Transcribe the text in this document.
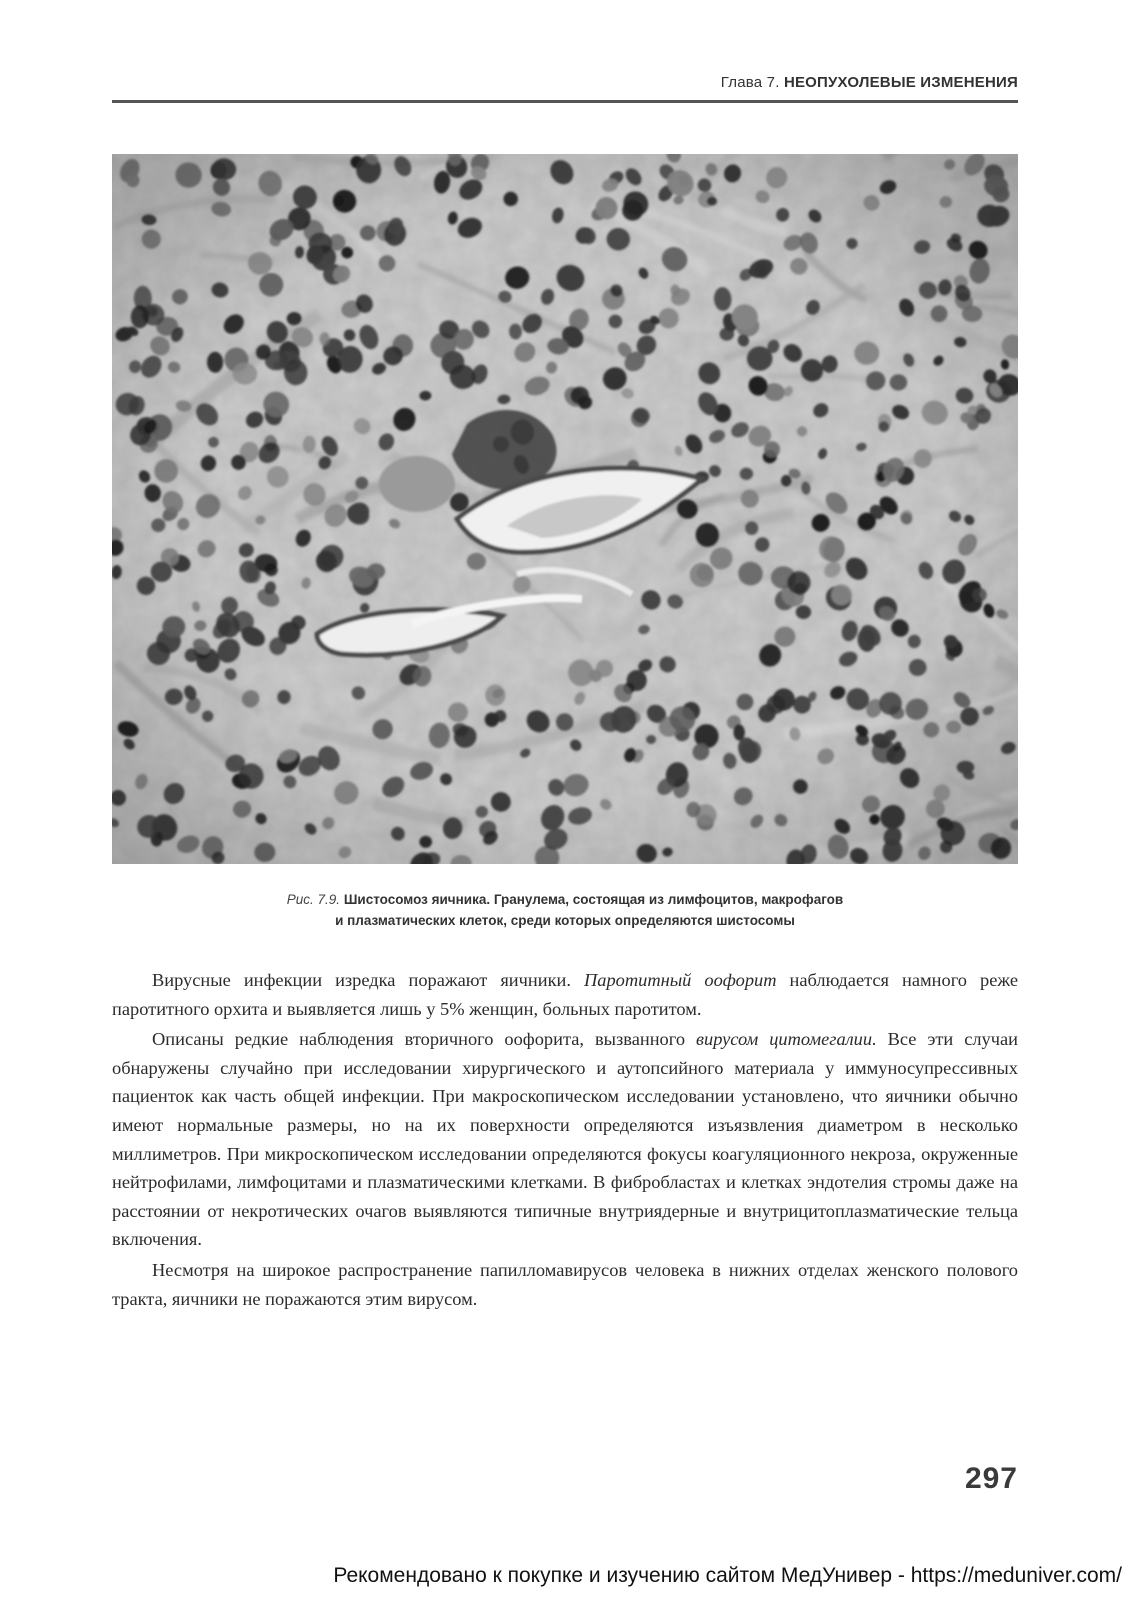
Глава 7. НЕОПУХОЛЕВЫЕ ИЗМЕНЕНИЯ
Рис. 7.9. Шистосомоз яичника. Гранулема, состоящая из лимфоцитов, макрофагов
и плазматических клеток, среди которых определяются шистосомы

Вирусные инфекции изредка поражают яичники. Паротитный оофорит наблюдается намного реже паротитного орхита и выявляется лишь у 5% женщин, больных паротитом.

Описаны редкие наблюдения вторичного оофорита, вызванного вирусом цитомегалии. Все эти случаи обнаружены случайно при исследовании хирургического и аутопсийного материала у иммуносупрессивных пациенток как часть общей инфекции. При макроскопическом исследовании установлено, что яичники обычно имеют нормальные размеры, но на их поверхности определяются изъязвления диаметром в несколько миллиметров. При микроскопическом исследовании определяются фокусы коагуляционного некроза, окруженные нейтрофилами, лимфоцитами и плазматическими клетками. В фибробластах и клетках эндотелия стромы даже на расстоянии от некротических очагов выявляются типичные внутриядерные и внутрицитоплазматические тельца включения.

Несмотря на широкое распространение папилломавирусов человека в нижних отделах женского полового тракта, яичники не поражаются этим вирусом.

297
Рекомендовано к покупке и изучению сайтом МедУнивер - https://meduniver.com/
